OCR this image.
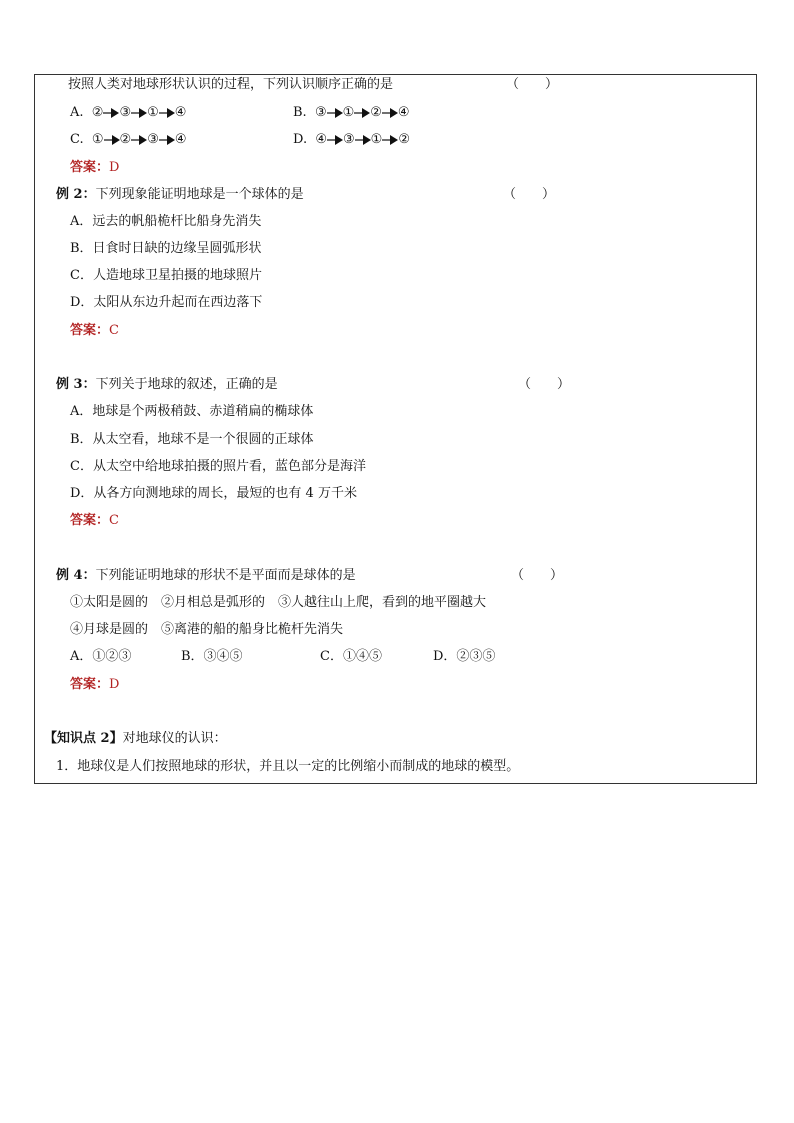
按照人类对地球形状认识的过程，下列认识顺序正确的是	（　　）
A. ② ③ ① ④	B. ③ ① ② ④
C. ① ② ③ ④	D. ④ ③ ① ②
答案：D
例 2：下列现象能证明地球是一个球体的是	（　　）
A．远去的帆船桅杆比船身先消失
B．日食时日缺的边缘呈圆弧形状
C．人造地球卫星拍摄的地球照片
D．太阳从东边升起而在西边落下
答案：C
例 3：下列关于地球的叙述，正确的是	（　　）
A．地球是个两极稍鼓、赤道稍扁的椭球体
B．从太空看，地球不是一个很圆的正球体
C．从太空中给地球拍摄的照片看，蓝色部分是海洋
D．从各方向测地球的周长，最短的也有 4 万千米
答案：C
例 4：下列能证明地球的形状不是平面而是球体的是	（　　）
①太阳是圆的　②月相总是弧形的　③人越往山上爬，看到的地平圈越大
④月球是圆的　⑤离港的船的船身比桅杆先消失
A．①②③	B．③④⑤	C．①④⑤	D．②③⑤
答案：D
【知识点 2】对地球仪的认识：
1．地球仪是人们按照地球的形状，并且以一定的比例缩小而制成的地球的模型。
